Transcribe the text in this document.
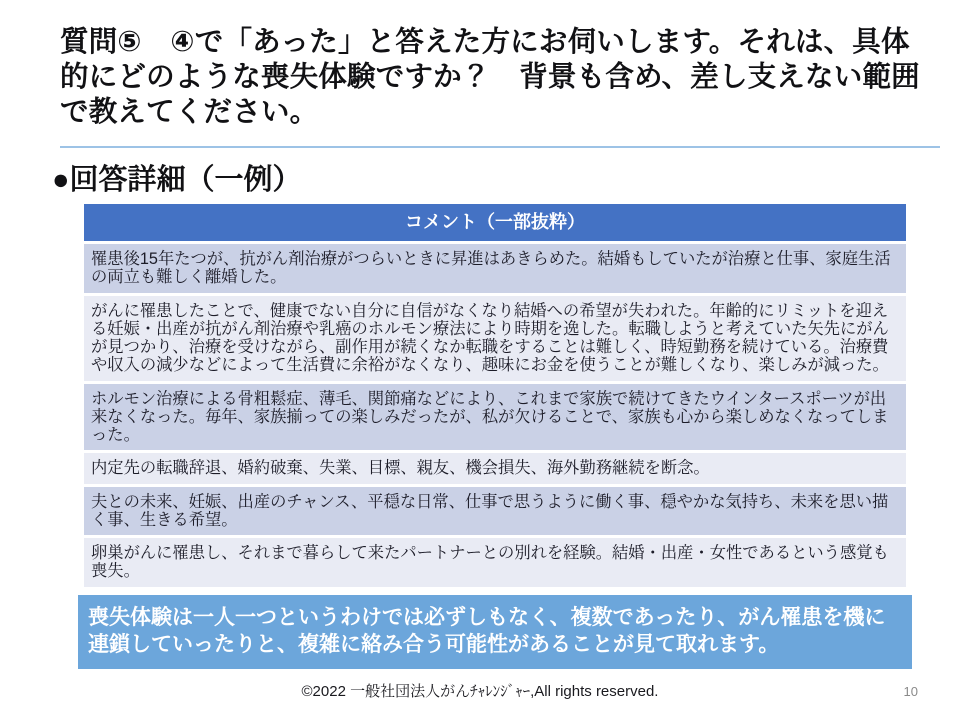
質問⑤　④で「あった」と答えた方にお伺いします。それは、具体的にどのような喪失体験ですか？　背景も含め、差し支えない範囲で教えてください。
●回答詳細（一例）
コメント（一部抜粋）
罹患後15年たつが、抗がん剤治療がつらいときに昇進はあきらめた。結婚もしていたが治療と仕事、家庭生活の両立も難しく離婚した。
がんに罹患したことで、健康でない自分に自信がなくなり結婚への希望が失われた。年齢的にリミットを迎える妊娠・出産が抗がん剤治療や乳癌のホルモン療法により時期を逸した。転職しようと考えていた矢先にがんが見つかり、治療を受けながら、副作用が続くなか転職をすることは難しく、時短勤務を続けている。治療費や収入の減少などによって生活費に余裕がなくなり、趣味にお金を使うことが難しくなり、楽しみが減った。
ホルモン治療による骨粗鬆症、薄毛、関節痛などにより、これまで家族で続けてきたウインタースポーツが出来なくなった。毎年、家族揃っての楽しみだったが、私が欠けることで、家族も心から楽しめなくなってしまった。
内定先の転職辞退、婚約破棄、失業、目標、親友、機会損失、海外勤務継続を断念。
夫との未来、妊娠、出産のチャンス、平穏な日常、仕事で思うように働く事、穏やかな気持ち、未来を思い描く事、生きる希望。
卵巣がんに罹患し、それまで暮らして来たパートナーとの別れを経験。結婚・出産・女性であるという感覚も喪失。
喪失体験は一人一つというわけでは必ずしもなく、複数であったり、がん罹患を機に連鎖していったりと、複雑に絡み合う可能性があることが見て取れます。
©2022 一般社団法人がんﾁｬﾚﾝｼﾞｬｰ,All rights reserved.	10
